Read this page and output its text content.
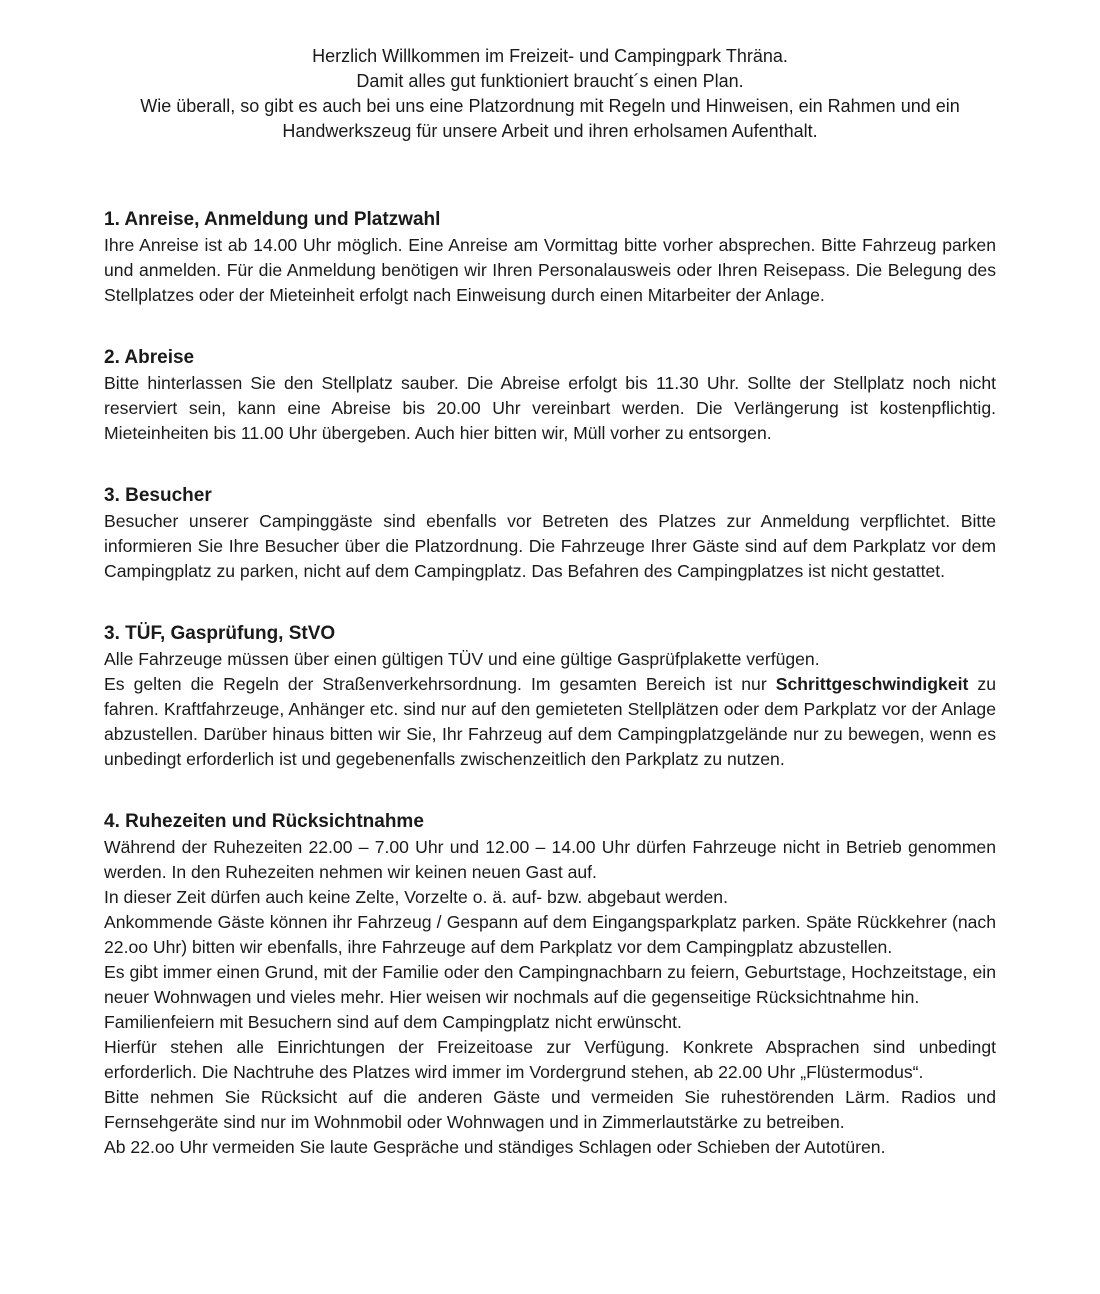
Herzlich Willkommen im Freizeit- und Campingpark Thräna.

Damit alles gut funktioniert braucht´s einen Plan.

Wie überall, so gibt es auch bei uns eine Platzordnung mit Regeln und Hinweisen, ein Rahmen und ein Handwerkszeug für unsere Arbeit und ihren erholsamen Aufenthalt.

1. Anreise, Anmeldung und Platzwahl

Ihre Anreise ist ab 14.00 Uhr möglich. Eine Anreise am Vormittag bitte vorher absprechen. Bitte Fahrzeug parken und anmelden. Für die Anmeldung benötigen wir Ihren Personalausweis oder Ihren Reisepass. Die Belegung des Stellplatzes oder der Mieteinheit erfolgt nach Einweisung durch einen Mitarbeiter der Anlage.

2. Abreise

Bitte hinterlassen Sie den Stellplatz sauber. Die Abreise erfolgt bis 11.30 Uhr. Sollte der Stellplatz noch nicht reserviert sein, kann eine Abreise bis 20.00 Uhr vereinbart werden. Die Verlängerung ist kostenpflichtig. Mieteinheiten bis 11.00 Uhr übergeben. Auch hier bitten wir, Müll vorher zu entsorgen.

3. Besucher

Besucher unserer Campinggäste sind ebenfalls vor Betreten des Platzes zur Anmeldung verpflichtet. Bitte informieren Sie Ihre Besucher über die Platzordnung. Die Fahrzeuge Ihrer Gäste sind auf dem Parkplatz vor dem Campingplatz zu parken, nicht auf dem Campingplatz. Das Befahren des Campingplatzes ist nicht gestattet.

3. TÜF, Gasprüfung, StVO

Alle Fahrzeuge müssen über einen gültigen TÜV und eine gültige Gasprüfplakette verfügen.

Es gelten die Regeln der Straßenverkehrsordnung. Im gesamten Bereich ist nur Schrittgeschwindigkeit zu fahren. Kraftfahrzeuge, Anhänger etc. sind nur auf den gemieteten Stellplätzen oder dem Parkplatz vor der Anlage abzustellen. Darüber hinaus bitten wir Sie, Ihr Fahrzeug auf dem Campingplatzgelände nur zu bewegen, wenn es unbedingt erforderlich ist und gegebenenfalls zwischenzeitlich den Parkplatz zu nutzen.

4. Ruhezeiten und Rücksichtnahme

Während der Ruhezeiten 22.00 – 7.00 Uhr und 12.00 – 14.00 Uhr dürfen Fahrzeuge nicht in Betrieb genommen werden. In den Ruhezeiten nehmen wir keinen neuen Gast auf.

In dieser Zeit dürfen auch keine Zelte, Vorzelte o. ä. auf- bzw. abgebaut werden.

Ankommende Gäste können ihr Fahrzeug / Gespann auf dem Eingangsparkplatz parken. Späte Rückkehrer (nach 22.oo Uhr) bitten wir ebenfalls, ihre Fahrzeuge auf dem Parkplatz vor dem Campingplatz abzustellen.

Es gibt immer einen Grund, mit der Familie oder den Campingnachbarn zu feiern, Geburtstage, Hochzeitstage, ein neuer Wohnwagen und vieles mehr. Hier weisen wir nochmals auf die gegenseitige Rücksichtnahme hin.

Familienfeiern mit Besuchern sind auf dem Campingplatz nicht erwünscht.

Hierfür stehen alle Einrichtungen der Freizeitoase zur Verfügung. Konkrete Absprachen sind unbedingt erforderlich. Die Nachtruhe des Platzes wird immer im Vordergrund stehen, ab 22.00 Uhr „Flüstermodus“.

Bitte nehmen Sie Rücksicht auf die anderen Gäste und vermeiden Sie ruhestörenden Lärm. Radios und Fernsehgeräte sind nur im Wohnmobil oder Wohnwagen und in Zimmerlautstärke zu betreiben.

Ab 22.oo Uhr vermeiden Sie laute Gespräche und ständiges Schlagen oder Schieben der Autotüren.
